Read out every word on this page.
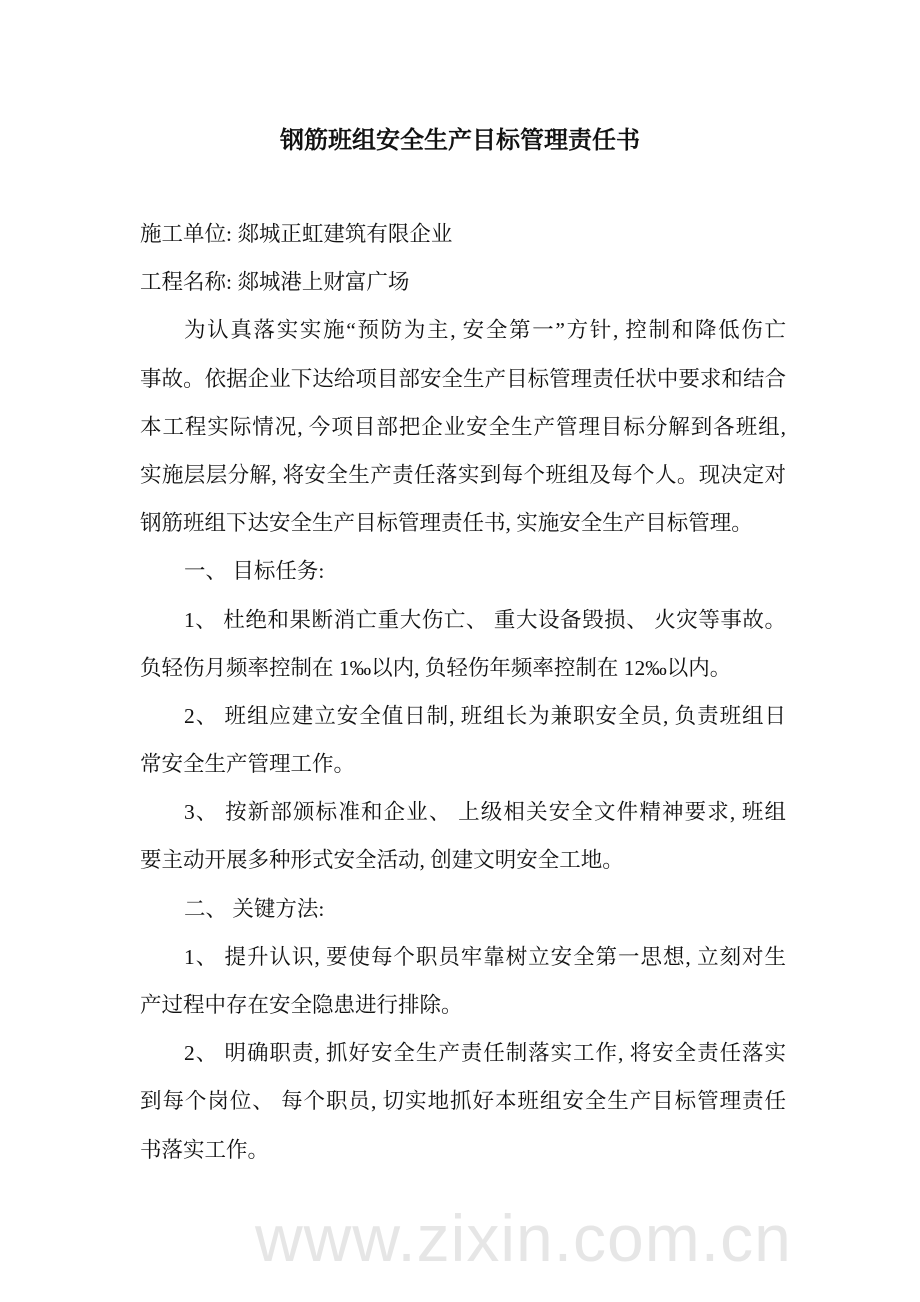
钢筋班组安全生产目标管理责任书
施工单位: 郯城正虹建筑有限企业
工程名称: 郯城港上财富广场
为认真落实实施“预防为主, 安全第一”方针, 控制和降低伤亡
事故。依据企业下达给项目部安全生产目标管理责任状中要求和结合
本工程实际情况, 今项目部把企业安全生产管理目标分解到各班组,
实施层层分解, 将安全生产责任落实到每个班组及每个人。现决定对
钢筋班组下达安全生产目标管理责任书, 实施安全生产目标管理。
一、 目标任务:
1、 杜绝和果断消亡重大伤亡、 重大设备毁损、 火灾等事故。
负轻伤月频率控制在 1‰以内, 负轻伤年频率控制在 12‰以内。
2、 班组应建立安全值日制, 班组长为兼职安全员, 负责班组日
常安全生产管理工作。
3、 按新部颁标准和企业、 上级相关安全文件精神要求, 班组
要主动开展多种形式安全活动, 创建文明安全工地。
二、 关键方法:
1、 提升认识, 要使每个职员牢靠树立安全第一思想, 立刻对生
产过程中存在安全隐患进行排除。
2、 明确职责, 抓好安全生产责任制落实工作, 将安全责任落实
到每个岗位、 每个职员, 切实地抓好本班组安全生产目标管理责任
书落实工作。
www.zixin.com.cn
